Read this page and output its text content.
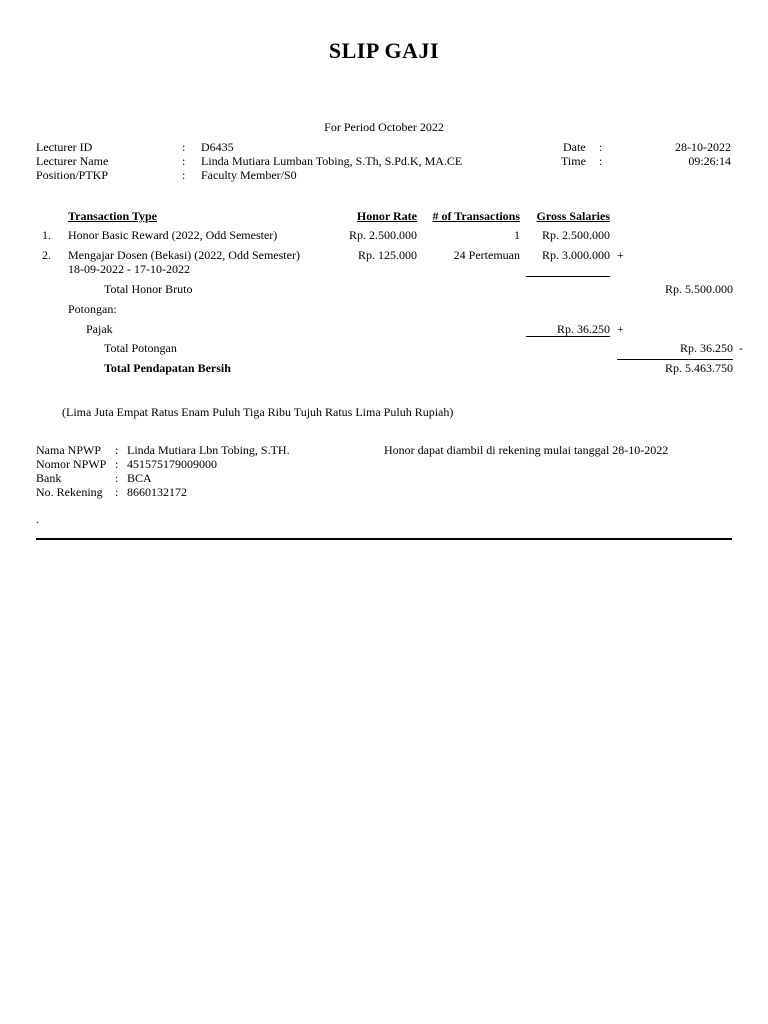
SLIP GAJI
For Period October 2022
Lecturer ID	: D6435
Lecturer Name	: Linda Mutiara Lumban Tobing, S.Th, S.Pd.K, MA.CE
Position/PTKP	: Faculty Member/S0
Date :	28-10-2022
Time :	09:26:14
Transaction Type	Honor Rate	# of Transactions	Gross Salaries
1. Honor Basic Reward (2022, Odd Semester)	Rp. 2.500.000	1	Rp. 2.500.000
2. Mengajar Dosen (Bekasi) (2022, Odd Semester)
18-09-2022 - 17-10-2022
Rp. 125.000	24 Pertemuan	Rp. 3.000.000 +
Total Honor Bruto	Rp. 5.500.000
Potongan:
Pajak	Rp. 36.250 +
Total Potongan	Rp. 36.250 -
Total Pendapatan Bersih	Rp. 5.463.750
(Lima Juta Empat Ratus Enam Puluh Tiga Ribu Tujuh Ratus Lima Puluh Rupiah)
Nama NPWP : Linda Mutiara Lbn Tobing, S.TH.
Nomor NPWP : 451575179009000
Bank	: BCA
No. Rekening : 8660132172
Honor dapat diambil di rekening mulai tanggal 28-10-2022
.
